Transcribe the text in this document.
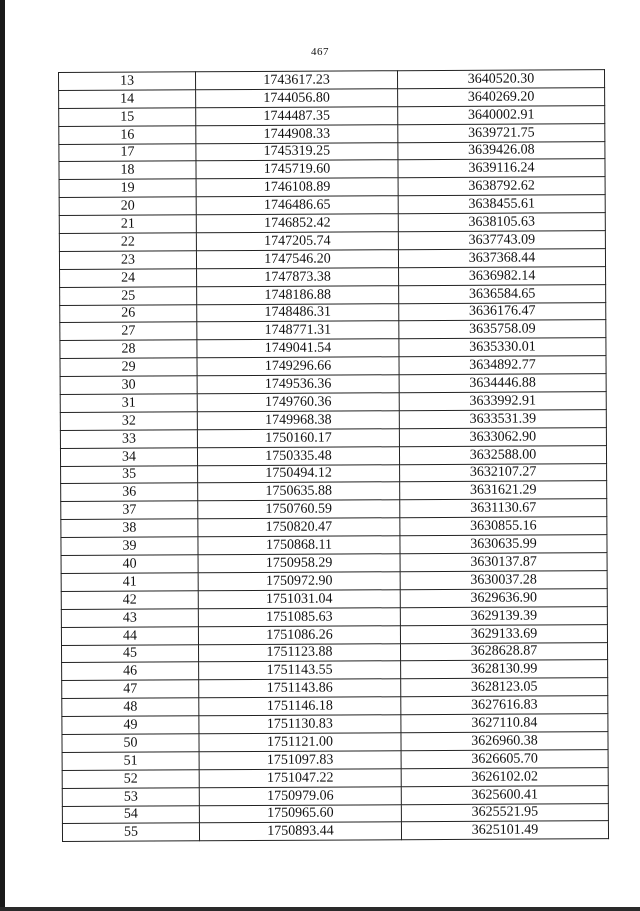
467
13	1743617.23	3640520.30
14	1744056.80	3640269.20
15	1744487.35	3640002.91
16	1744908.33	3639721.75
17	1745319.25	3639426.08
18	1745719.60	3639116.24
19	1746108.89	3638792.62
20	1746486.65	3638455.61
21	1746852.42	3638105.63
22	1747205.74	3637743.09
23	1747546.20	3637368.44
24	1747873.38	3636982.14
25	1748186.88	3636584.65
26	1748486.31	3636176.47
27	1748771.31	3635758.09
28	1749041.54	3635330.01
29	1749296.66	3634892.77
30	1749536.36	3634446.88
31	1749760.36	3633992.91
32	1749968.38	3633531.39
33	1750160.17	3633062.90
34	1750335.48	3632588.00
35	1750494.12	3632107.27
36	1750635.88	3631621.29
37	1750760.59	3631130.67
38	1750820.47	3630855.16
39	1750868.11	3630635.99
40	1750958.29	3630137.87
41	1750972.90	3630037.28
42	1751031.04	3629636.90
43	1751085.63	3629139.39
44	1751086.26	3629133.69
45	1751123.88	3628628.87
46	1751143.55	3628130.99
47	1751143.86	3628123.05
48	1751146.18	3627616.83
49	1751130.83	3627110.84
50	1751121.00	3626960.38
51	1751097.83	3626605.70
52	1751047.22	3626102.02
53	1750979.06	3625600.41
54	1750965.60	3625521.95
55	1750893.44	3625101.49
